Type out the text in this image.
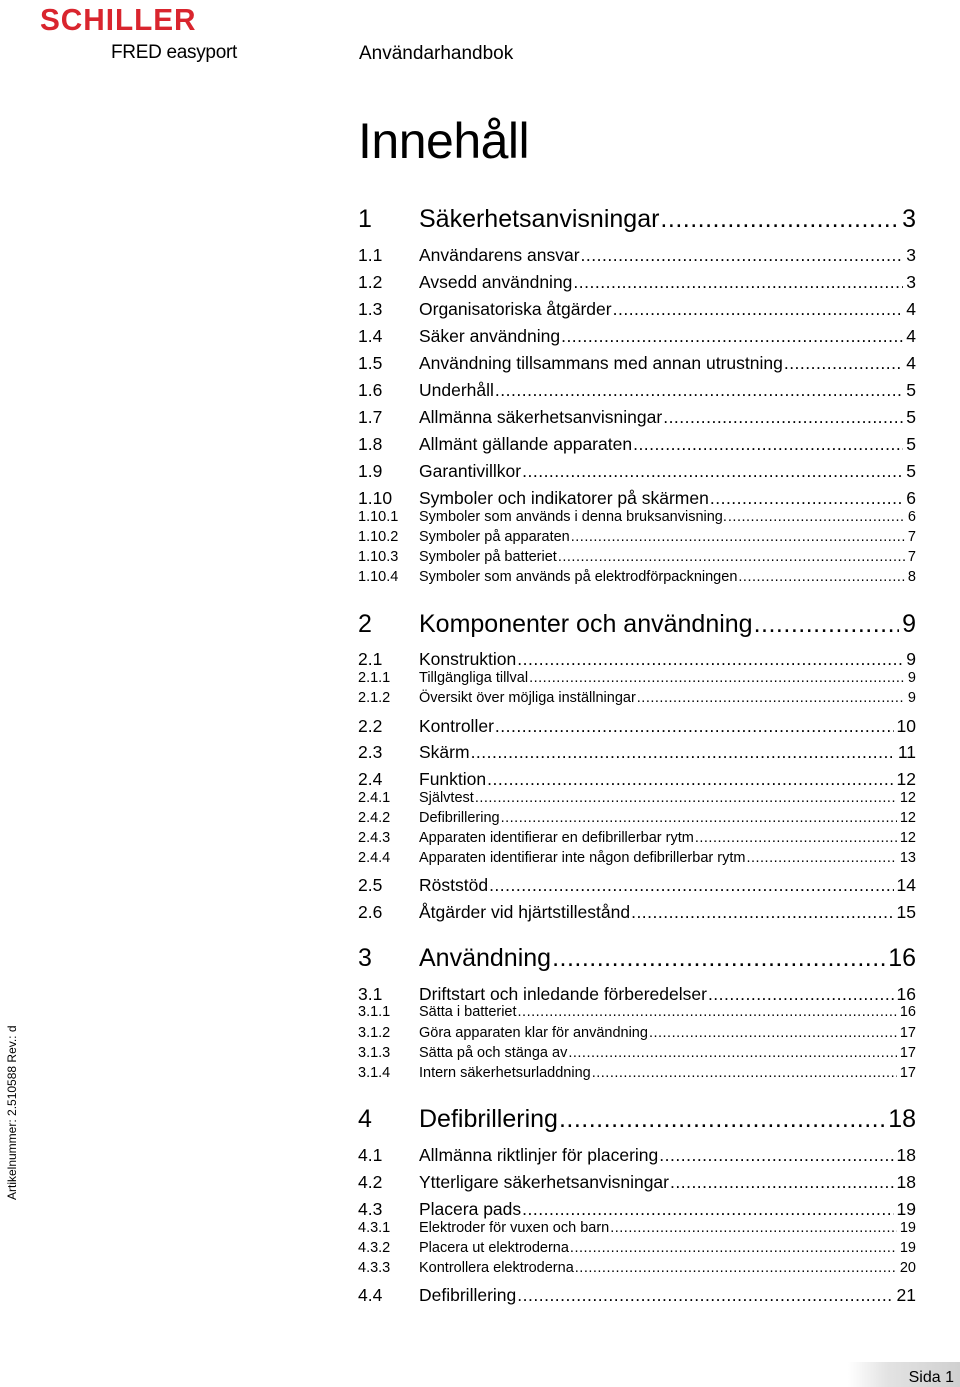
SCHILLER
FRED easyport	Användarhandbok
Innehåll
1	Säkerhetsanvisningar .....	3
1.1	Användarens ansvar .....	3
1.2	Avsedd användning .....	3
1.3	Organisatoriska åtgärder .....	4
1.4	Säker användning .....	4
1.5	Användning tillsammans med annan utrustning .....	4
1.6	Underhåll .....	5
1.7	Allmänna säkerhetsanvisningar .....	5
1.8	Allmänt gällande apparaten .....	5
1.9	Garantivillkor .....	5
1.10	Symboler och indikatorer på skärmen .....	6
1.10.1	Symboler som används i denna bruksanvisning. .....	6
1.10.2	Symboler på apparaten .....	7
1.10.3	Symboler på batteriet .....	7
1.10.4	Symboler som används på elektrodförpackningen .....	8
2	Komponenter och användning .....	9
2.1	Konstruktion .....	9
2.1.1	Tillgängliga tillval .....	9
2.1.2	Översikt över möjliga inställningar .....	9
2.2	Kontroller .....	10
2.3	Skärm .....	11
2.4	Funktion .....	12
2.4.1	Självtest .....	12
2.4.2	Defibrillering .....	12
2.4.3	Apparaten identifierar en defibrillerbar rytm .....	12
2.4.4	Apparaten identifierar inte någon defibrillerbar rytm .....	13
2.5	Röststöd .....	14
2.6	Åtgärder vid hjärtstillestånd .....	15
3	Användning .....	16
3.1	Driftstart och inledande förberedelser .....	16
3.1.1	Sätta i batteriet .....	16
3.1.2	Göra apparaten klar för användning .....	17
3.1.3	Sätta på och stänga av .....	17
3.1.4	Intern säkerhetsurladdning .....	17
4	Defibrillering .....	18
4.1	Allmänna riktlinjer för placering .....	18
4.2	Ytterligare säkerhetsanvisningar .....	18
4.3	Placera pads .....	19
4.3.1	Elektroder för vuxen och barn .....	19
4.3.2	Placera ut elektroderna .....	19
4.3.3	Kontrollera elektroderna .....	20
4.4	Defibrillering .....	21
Artikelnummer: 2.510588 Rev.: d
Sida 1
